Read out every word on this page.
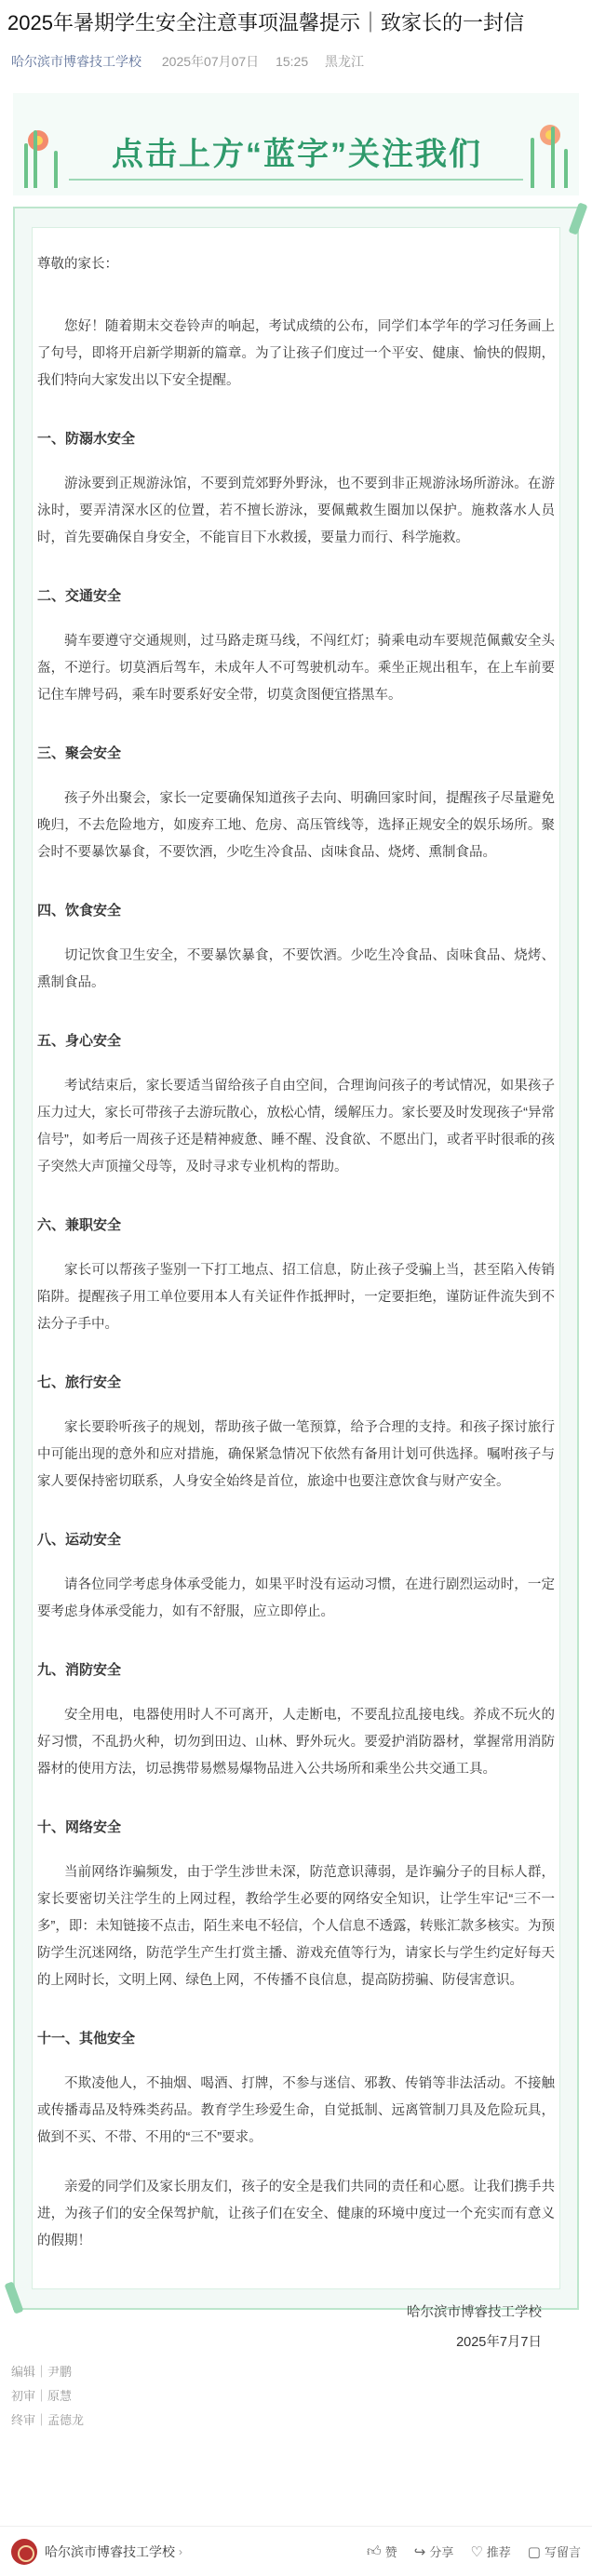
2025年暑期学生安全注意事项温馨提示｜致家长的一封信
哈尔滨市博睿技工学校 2025年07月07日 15:25 黑龙江
点击上方“蓝字”关注我们

尊敬的家长：

您好！随着期末交卷铃声的响起，考试成绩的公布，同学们本学年的学习任务画上了句号，即将开启新学期新的篇章。为了让孩子们度过一个平安、健康、愉快的假期，我们特向大家发出以下安全提醒。

一、防溺水安全

游泳要到正规游泳馆，不要到荒郊野外野泳，也不要到非正规游泳场所游泳。在游泳时，要弄清深水区的位置，若不擅长游泳，要佩戴救生圈加以保护。施救落水人员时，首先要确保自身安全，不能盲目下水救援，要量力而行、科学施救。

二、交通安全

骑车要遵守交通规则，过马路走斑马线，不闯红灯；骑乘电动车要规范佩戴安全头盔，不逆行。切莫酒后驾车，未成年人不可驾驶机动车。乘坐正规出租车，在上车前要记住车牌号码，乘车时要系好安全带，切莫贪图便宜搭黑车。

三、聚会安全

孩子外出聚会，家长一定要确保知道孩子去向、明确回家时间，提醒孩子尽量避免晚归，不去危险地方，如废弃工地、危房、高压管线等，选择正规安全的娱乐场所。聚会时不要暴饮暴食，不要饮酒，少吃生冷食品、卤味食品、烧烤、熏制食品。

四、饮食安全

切记饮食卫生安全，不要暴饮暴食，不要饮酒。少吃生冷食品、卤味食品、烧烤、熏制食品。

五、身心安全

考试结束后，家长要适当留给孩子自由空间，合理询问孩子的考试情况，如果孩子压力过大，家长可带孩子去游玩散心，放松心情，缓解压力。家长要及时发现孩子“异常信号”，如考后一周孩子还是精神疲惫、睡不醒、没食欲、不愿出门，或者平时很乖的孩子突然大声顶撞父母等，及时寻求专业机构的帮助。

六、兼职安全

家长可以帮孩子鉴别一下打工地点、招工信息，防止孩子受骗上当，甚至陷入传销陷阱。提醒孩子用工单位要用本人有关证件作抵押时，一定要拒绝，谨防证件流失到不法分子手中。

七、旅行安全

家长要聆听孩子的规划，帮助孩子做一笔预算，给予合理的支持。和孩子探讨旅行中可能出现的意外和应对措施，确保紧急情况下依然有备用计划可供选择。嘱咐孩子与家人要保持密切联系，人身安全始终是首位，旅途中也要注意饮食与财产安全。

八、运动安全

请各位同学考虑身体承受能力，如果平时没有运动习惯，在进行剧烈运动时，一定要考虑身体承受能力，如有不舒服，应立即停止。

九、消防安全

安全用电，电器使用时人不可离开，人走断电，不要乱拉乱接电线。养成不玩火的好习惯，不乱扔火种，切勿到田边、山林、野外玩火。要爱护消防器材，掌握常用消防器材的使用方法，切忌携带易燃易爆物品进入公共场所和乘坐公共交通工具。

十、网络安全

当前网络诈骗频发，由于学生涉世未深，防范意识薄弱，是诈骗分子的目标人群，家长要密切关注学生的上网过程，教给学生必要的网络安全知识，让学生牢记“三不一多”，即：未知链接不点击，陌生来电不轻信，个人信息不透露，转账汇款多核实。为预防学生沉迷网络，防范学生产生打赏主播、游戏充值等行为，请家长与学生约定好每天的上网时长，文明上网、绿色上网，不传播不良信息，提高防捞骗、防侵害意识。

十一、其他安全

不欺凌他人，不抽烟、喝酒、打牌，不参与迷信、邪教、传销等非法活动。不接触或传播毒品及特殊类药品。教育学生珍爱生命，自觉抵制、远离管制刀具及危险玩具，做到不买、不带、不用的“三不”要求。

亲爱的同学们及家长朋友们，孩子的安全是我们共同的责任和心愿。让我们携手共进，为孩子们的安全保驾护航，让孩子们在安全、健康的环境中度过一个充实而有意义的假期！

哈尔滨市博睿技工学校

2025年7月7日

编辑｜尹鹏
初审｜原慧
终审｜孟德龙
哈尔滨市博睿技工学校 ›	👍︎ 赞 ↪ 分享 ♡ 推荐 ▢ 写留言
